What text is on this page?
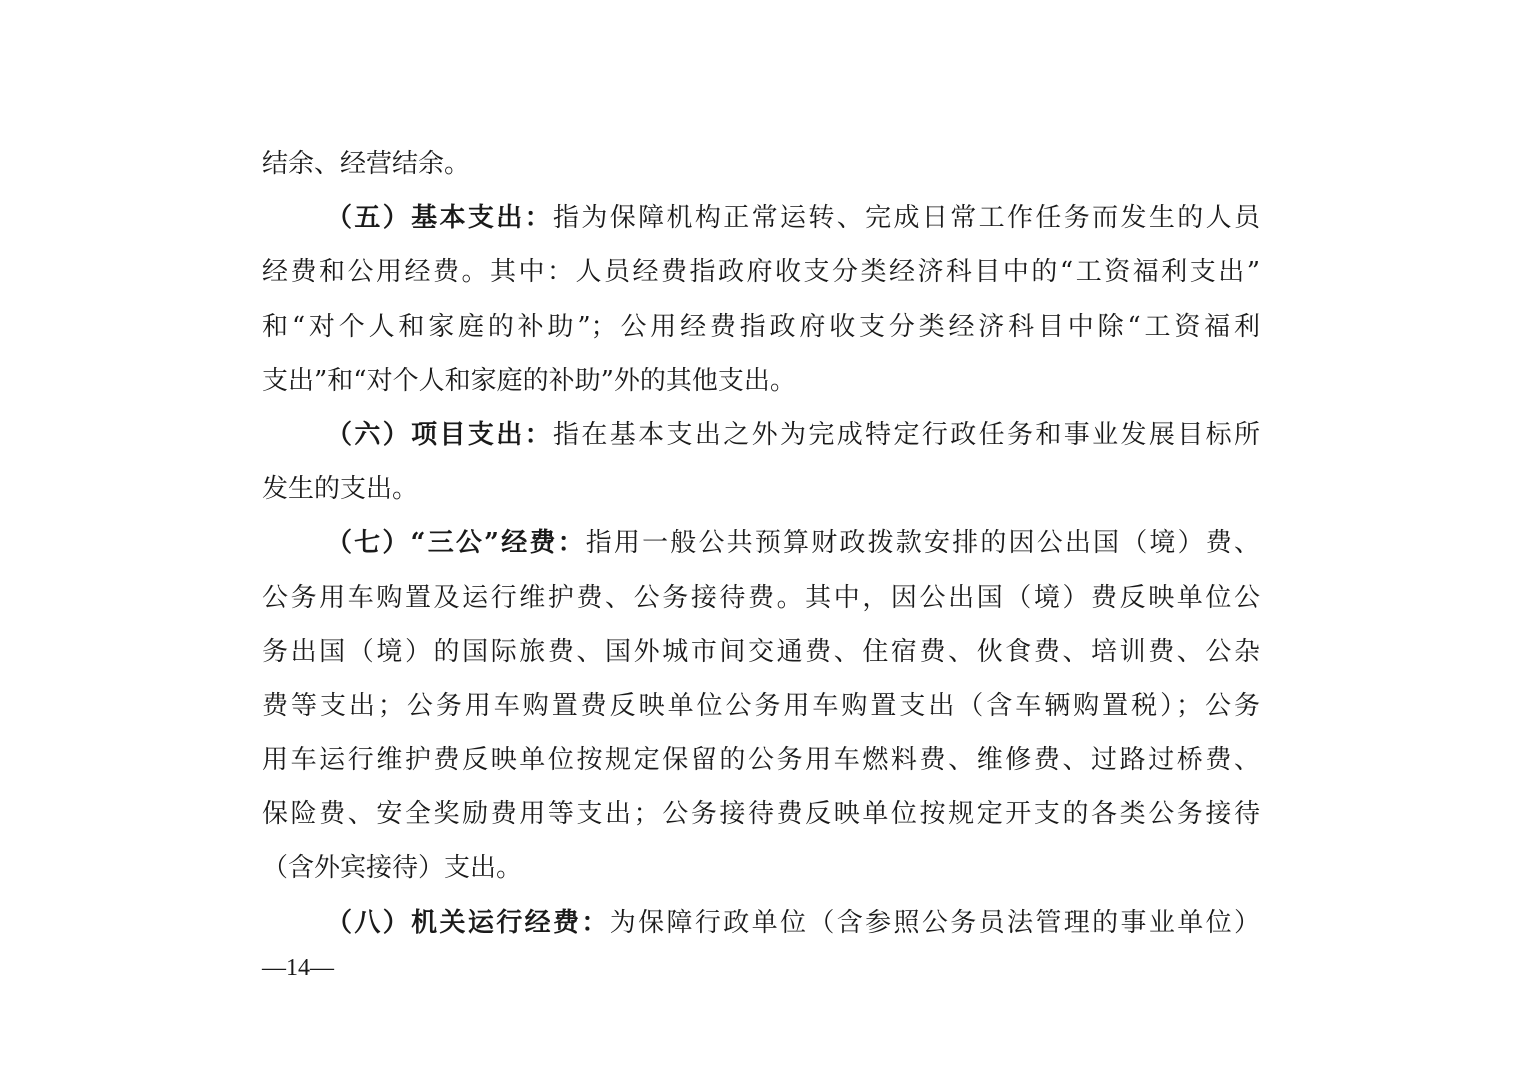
结余、经营结余。
（五）基本支出：指为保障机构正常运转、完成日常工作任务而发生的人员
经费和公用经费。其中：人员经费指政府收支分类经济科目中的“工资福利支出”
和“对个人和家庭的补助”；公用经费指政府收支分类经济科目中除“工资福利
支出”和“对个人和家庭的补助”外的其他支出。
（六）项目支出：指在基本支出之外为完成特定行政任务和事业发展目标所
发生的支出。
（七）“三公”经费：指用一般公共预算财政拨款安排的因公出国（境）费、
公务用车购置及运行维护费、公务接待费。其中，因公出国（境）费反映单位公
务出国（境）的国际旅费、国外城市间交通费、住宿费、伙食费、培训费、公杂
费等支出；公务用车购置费反映单位公务用车购置支出（含车辆购置税）；公务
用车运行维护费反映单位按规定保留的公务用车燃料费、维修费、过路过桥费、
保险费、安全奖励费用等支出；公务接待费反映单位按规定开支的各类公务接待
（含外宾接待）支出。
（八）机关运行经费：为保障行政单位（含参照公务员法管理的事业单位）
—14—
